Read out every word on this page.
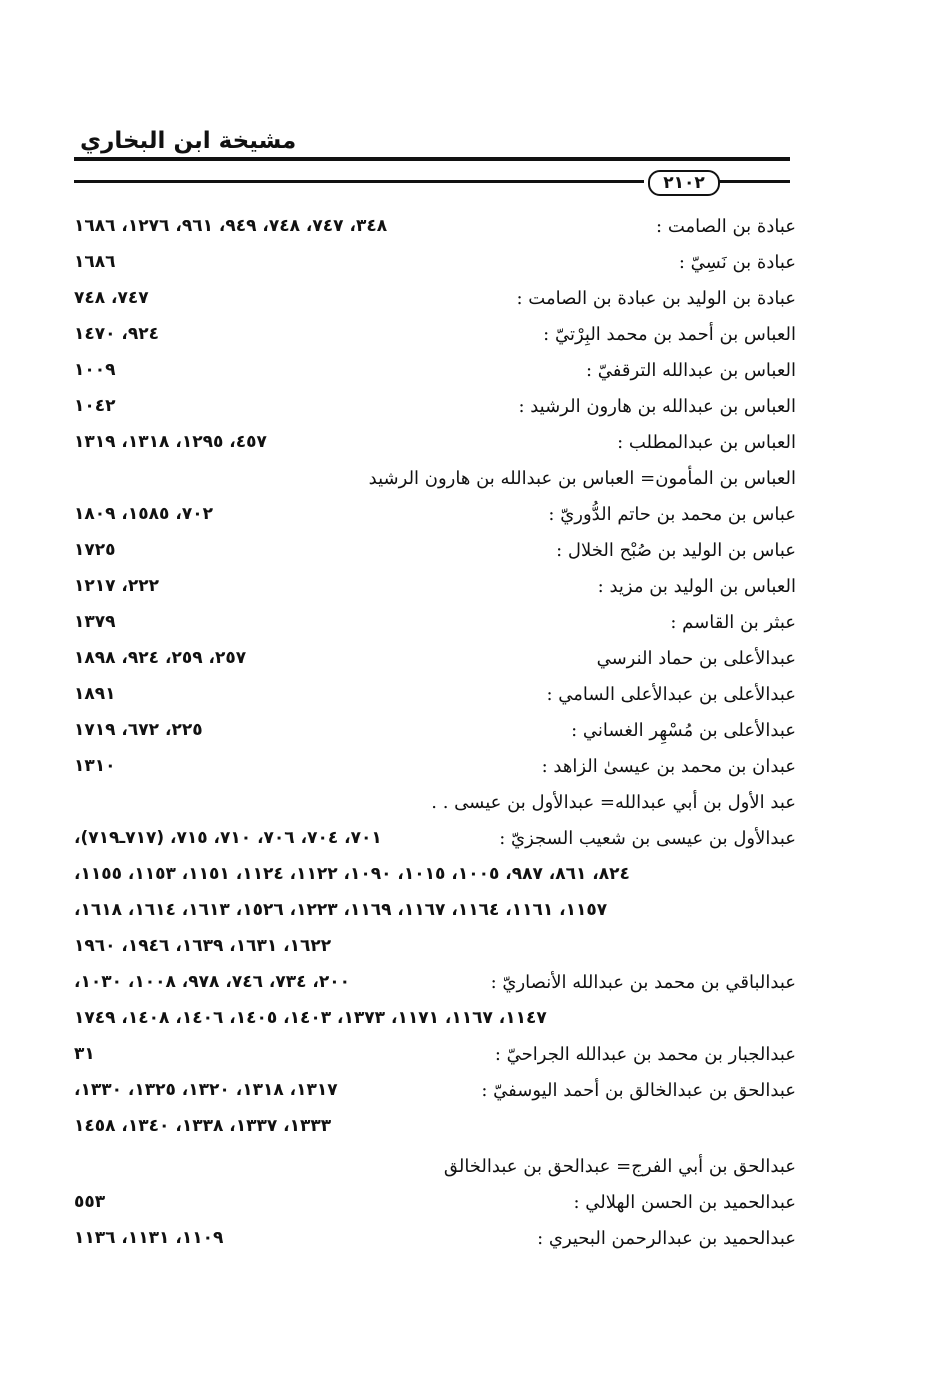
مشيخة ابن البخاري
٢١٠٢
عبادة بن الصامت :
٣٤٨، ٧٤٧، ٧٤٨، ٩٤٩، ٩٦١، ١٢٧٦، ١٦٨٦
عبادة بن نَسِيّ :
١٦٨٦
عبادة بن الوليد بن عبادة بن الصامت :
٧٤٧، ٧٤٨
العباس بن أحمد بن محمد البِرْتيّ :
٩٢٤، ١٤٧٠
العباس بن عبدالله الترقفيّ :
١٠٠٩
العباس بن عبدالله بن هارون الرشيد :
١٠٤٢
العباس بن عبدالمطلب :
٤٥٧، ١٢٩٥، ١٣١٨، ١٣١٩
العباس بن المأمون= العباس بن عبدالله بن هارون الرشيد
عباس بن محمد بن حاتم الدُّوريّ :
٧٠٢، ١٥٨٥، ١٨٠٩
عباس بن الوليد بن صُبْح الخلال :
١٧٢٥
العباس بن الوليد بن مزيد :
٢٢٢، ١٢١٧
عبثر بن القاسم :
١٣٧٩
عبدالأعلى بن حماد النرسي
٢٥٧، ٢٥٩، ٩٢٤، ١٨٩٨
عبدالأعلى بن عبدالأعلى السامي :
١٨٩١
عبدالأعلى بن مُسْهِر الغساني :
٢٢٥، ٦٧٢، ١٧١٩
عبدان بن محمد بن عيسىٰ الزاهد :
١٣١٠
عبد الأول بن أبي عبدالله= عبدالأول بن عيسى . .
عبدالأول بن عيسى بن شعيب السجزيّ :
٧٠١، ٧٠٤، ٧٠٦، ٧١٠، ٧١٥، (٧١٧ـ٧١٩)،
٨٢٤، ٨٦١، ٩٨٧، ١٠٠٥، ١٠١٥، ١٠٩٠، ١١٢٢، ١١٢٤، ١١٥١، ١١٥٣، ١١٥٥،
١١٥٧، ١١٦١، ١١٦٤، ١١٦٧، ١١٦٩، ١٢٢٣، ١٥٢٦، ١٦١٣، ١٦١٤، ١٦١٨،
١٦٢٢، ١٦٣١، ١٦٣٩، ١٩٤٦، ١٩٦٠
عبدالباقي بن محمد بن عبدالله الأنصاريّ :
٢٠٠، ٧٣٤، ٧٤٦، ٩٧٨، ١٠٠٨، ١٠٣٠،
١١٤٧، ١١٦٧، ١١٧١، ١٣٧٣، ١٤٠٣، ١٤٠٥، ١٤٠٦، ١٤٠٨، ١٧٤٩
عبدالجبار بن محمد بن عبدالله الجراحيّ :
٣١
عبدالحق بن عبدالخالق بن أحمد اليوسفيّ :
١٣١٧، ١٣١٨، ١٣٢٠، ١٣٢٥، ١٣٣٠،
١٣٣٣، ١٣٣٧، ١٣٣٨، ١٣٤٠، ١٤٥٨
عبدالحق بن أبي الفرج= عبدالحق بن عبدالخالق
عبدالحميد بن الحسن الهلالي :
٥٥٣
عبدالحميد بن عبدالرحمن البحيري :
١١٠٩، ١١٣١، ١١٣٦
